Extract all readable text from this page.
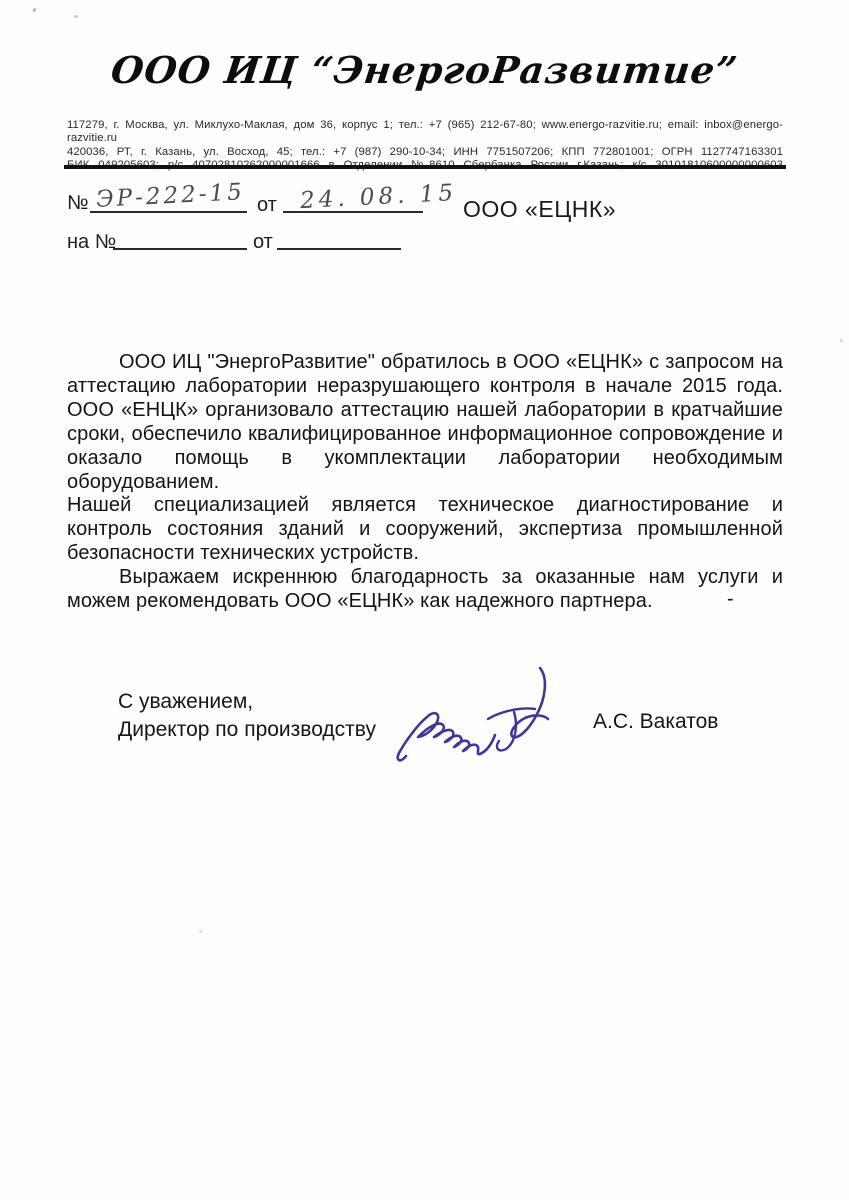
ООО ИЦ “ЭнергоРазвитие”
117279, г. Москва, ул. Миклухо-Маклая, дом 36, корпус 1; тел.: +7 (965) 212-67-80; www.energo-razvitie.ru; email: inbox@energo-razvitie.ru
420036, РТ, г. Казань, ул. Восход, 45; тел.: +7 (987) 290-10-34; ИНН 7751507206; КПП 772801001; ОГРН 1127747163301
№ ЭР-222-15 от 24. 08. 15 ООО «ЕЦНК»
на №	от

ООО ИЦ "ЭнергоРазвитие" обратилось в ООО «ЕЦНК» с запросом на аттестацию лаборатории неразрушающего контроля в начале 2015 года. ООО «ЕНЦК» организовало аттестацию нашей лаборатории в кратчайшие сроки, обеспечило квалифицированное информационное сопровождение и оказало помощь в укомплектации лаборатории необходимым оборудованием.

Нашей специализацией является техническое диагностирование и контроль состояния зданий и сооружений, экспертиза промышленной безопасности технических устройств.

Выражаем искреннюю благодарность за оказанные нам услуги и можем рекомендовать ООО «ЕЦНК» как надежного партнера.	-
С уважением,
Директор по производству	А.С. Вакатов
